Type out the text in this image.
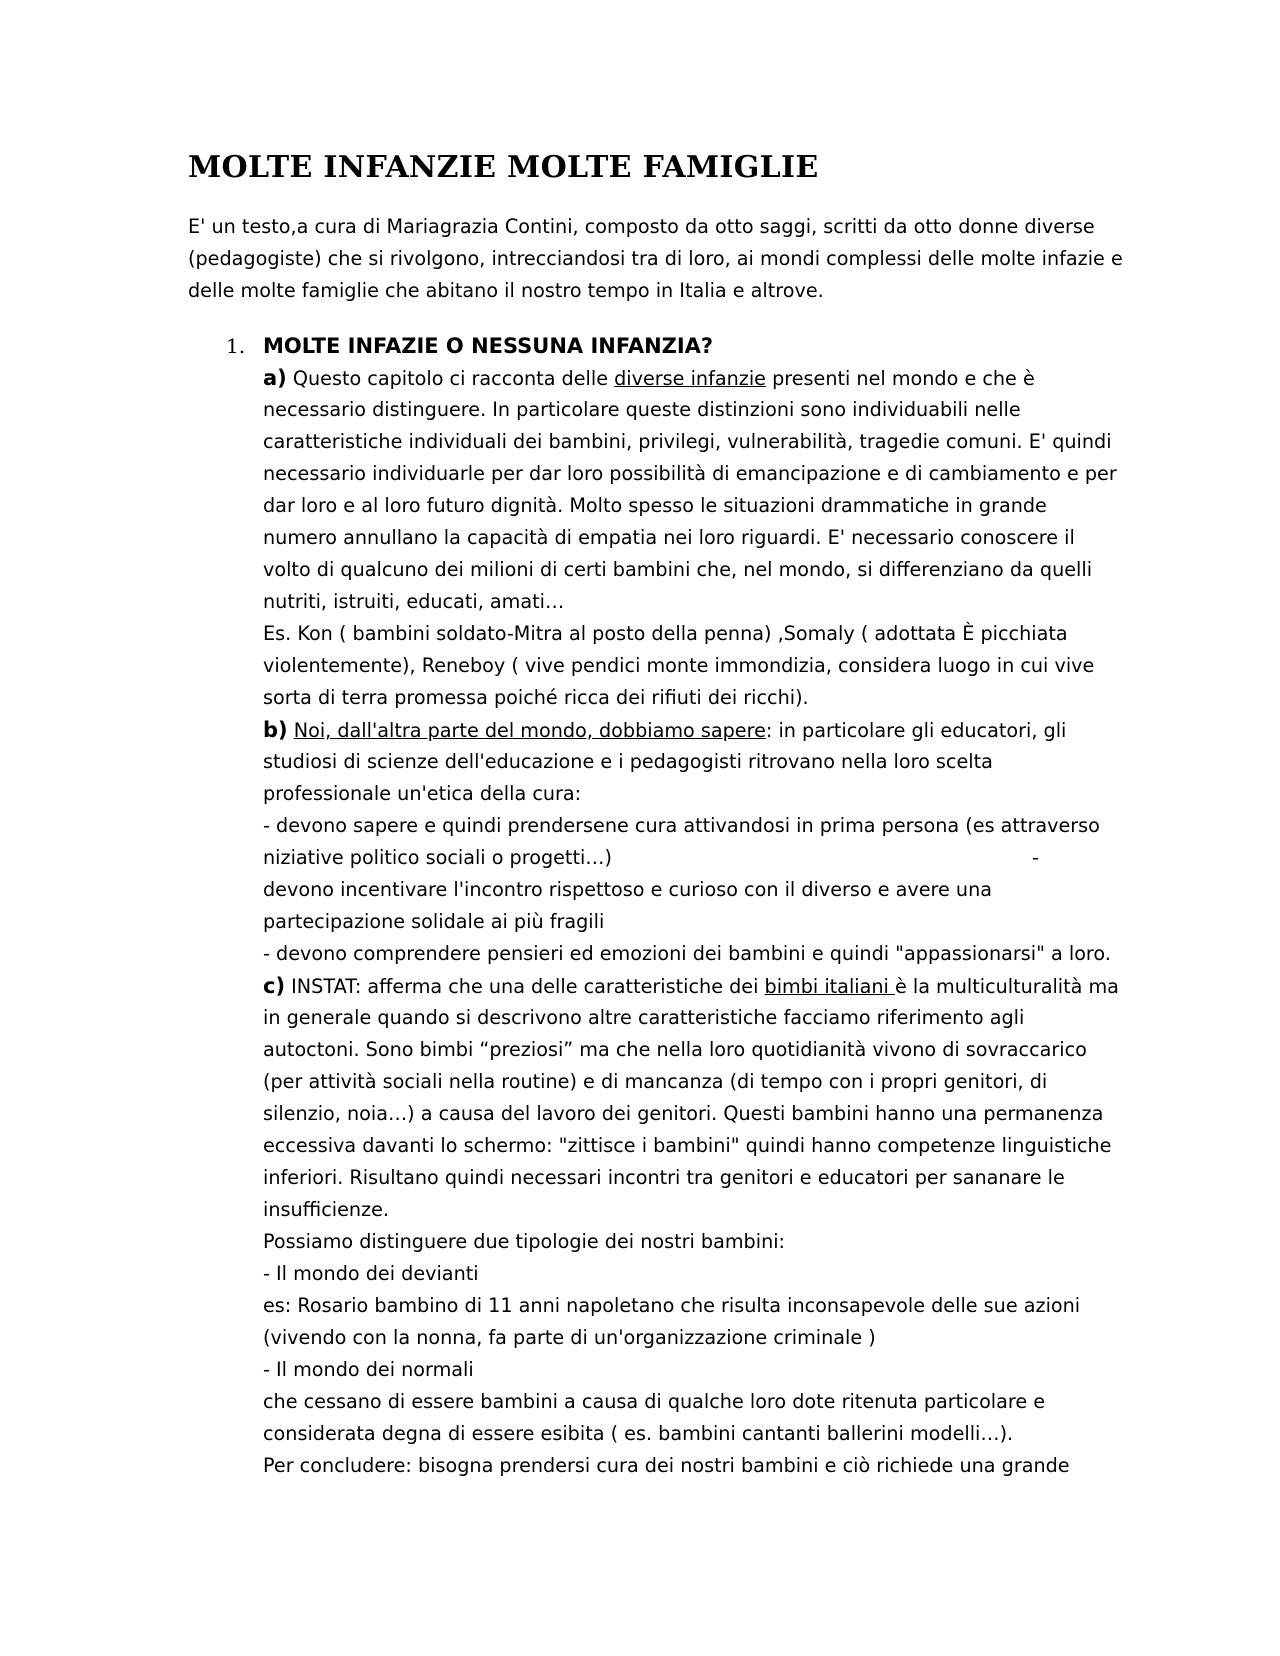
MOLTE INFANZIE MOLTE FAMIGLIE
E' un testo,a cura di Mariagrazia Contini, composto da otto saggi, scritti da otto donne diverse
(pedagogiste) che si rivolgono, intrecciandosi tra di loro, ai mondi complessi delle molte infazie e
delle molte famiglie che abitano il nostro tempo in Italia e altrove.
1. MOLTE INFAZIE O NESSUNA INFANZIA?
a) Questo capitolo ci racconta delle diverse infanzie presenti nel mondo e che è
necessario distinguere. In particolare queste distinzioni sono individuabili nelle
caratteristiche individuali dei bambini, privilegi, vulnerabilità, tragedie comuni. E' quindi
necessario individuarle per dar loro possibilità di emancipazione e di cambiamento e per
dar loro e al loro futuro dignità. Molto spesso le situazioni drammatiche in grande
numero annullano la capacità di empatia nei loro riguardi. E' necessario conoscere il
volto di qualcuno dei milioni di certi bambini che, nel mondo, si differenziano da quelli
nutriti, istruiti, educati, amati…
Es. Kon ( bambini soldato-Mitra al posto della penna) ,Somaly ( adottata È picchiata
violentemente), Reneboy ( vive pendici monte immondizia, considera luogo in cui vive
sorta di terra promessa poiché ricca dei rifiuti dei ricchi).
b) Noi, dall'altra parte del mondo, dobbiamo sapere: in particolare gli educatori, gli
studiosi di scienze dell'educazione e i pedagogisti ritrovano nella loro scelta
professionale un'etica della cura:
- devono sapere e quindi prendersene cura attivandosi in prima persona (es attraverso
niziative politico sociali o progetti…)	-
devono incentivare l'incontro rispettoso e curioso con il diverso e avere una
partecipazione solidale ai più fragili
- devono comprendere pensieri ed emozioni dei bambini e quindi "appassionarsi" a loro.
c) INSTAT: afferma che una delle caratteristiche dei bimbi italiani è la multiculturalità ma
in generale quando si descrivono altre caratteristiche facciamo riferimento agli
autoctoni. Sono bimbi “preziosi” ma che nella loro quotidianità vivono di sovraccarico
(per attività sociali nella routine) e di mancanza (di tempo con i propri genitori, di
silenzio, noia…) a causa del lavoro dei genitori. Questi bambini hanno una permanenza
eccessiva davanti lo schermo: "zittisce i bambini" quindi hanno competenze linguistiche
inferiori. Risultano quindi necessari incontri tra genitori e educatori per sananare le
insufficienze.
Possiamo distinguere due tipologie dei nostri bambini:
- Il mondo dei devianti
es: Rosario bambino di 11 anni napoletano che risulta inconsapevole delle sue azioni
(vivendo con la nonna, fa parte di un'organizzazione criminale )
- Il mondo dei normali
che cessano di essere bambini a causa di qualche loro dote ritenuta particolare e
considerata degna di essere esibita ( es. bambini cantanti ballerini modelli…).
Per concludere: bisogna prendersi cura dei nostri bambini e ciò richiede una grande
